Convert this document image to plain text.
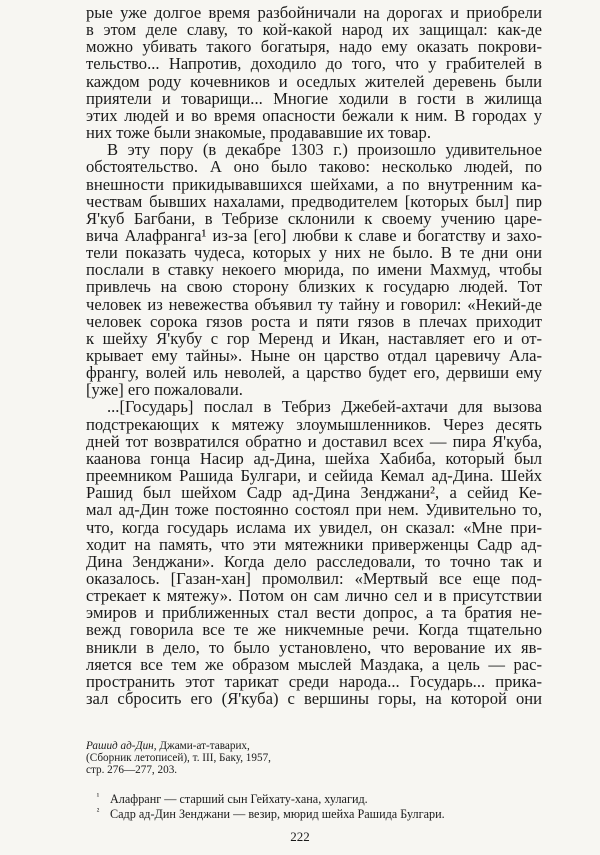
рые уже долгое время разбойничали на дорогах и приобрели
в этом деле славу, то кой-какой народ их защищал: как-де
можно убивать такого богатыря, надо ему оказать покрови-
тельство... Напротив, доходило до того, что у грабителей в
каждом роду кочевников и оседлых жителей деревень были
приятели и товарищи... Многие ходили в гости в жилища
этих людей и во время опасности бежали к ним. В городах у
них тоже были знакомые, продававшие их товар.
В эту пору (в декабре 1303 г.) произошло удивительное
обстоятельство. А оно было таково: несколько людей, по
внешности прикидывавшихся шейхами, а по внутренним ка-
чествам бывших нахалами, предводителем [которых был] пир
Я'куб Багбани, в Тебризе склонили к своему учению царе-
вича Алафранга¹ из-за [его] любви к славе и богатству и захо-
тели показать чудеса, которых у них не было. В те дни они
послали в ставку некоего мюрида, по имени Махмуд, чтобы
привлечь на свою сторону близких к государю людей. Тот
человек из невежества объявил ту тайну и говорил: «Некий-де
человек сорока гязов роста и пяти гязов в плечах приходит
к шейху Я'кубу с гор Меренд и Икан, наставляет его и от-
крывает ему тайны». Ныне он царство отдал царевичу Ала-
франгу, волей иль неволей, а царство будет его, дервиши ему
[уже] его пожаловали.
...[Государь] послал в Тебриз Джебей-ахтачи для вызова
подстрекающих к мятежу злоумышленников. Через десять
дней тот возвратился обратно и доставил всех — пира Я'куба,
каанова гонца Насир ад-Дина, шейха Хабиба, который был
преемником Рашида Булгари, и сейида Кемал ад-Дина. Шейх
Рашид был шейхом Садр ад-Дина Зенджани², а сейид Ке-
мал ад-Дин тоже постоянно состоял при нем. Удивительно то,
что, когда государь ислама их увидел, он сказал: «Мне при-
ходит на память, что эти мятежники приверженцы Садр ад-
Дина Зенджани». Когда дело расследовали, то точно так и
оказалось. [Газан-хан] промолвил: «Мертвый все еще под-
стрекает к мятежу». Потом он сам лично сел и в присутствии
эмиров и приближенных стал вести допрос, а та братия не-
вежд говорила все те же никчемные речи. Когда тщательно
вникли в дело, то было установлено, что верование их яв-
ляется все тем же образом мыслей Маздака, а цель — рас-
пространить этот тарикат среди народа... Государь... прика-
зал сбросить его (Я'куба) с вершины горы, на которой они
Рашид ад-Дин, Джами-ат-таварих,
(Сборник летописей), т. III, Баку, 1957,
стр. 276—277, 203.
¹ Алафранг — старший сын Гейхату-хана, хулагид.
² Садр ад-Дин Зенджани — везир, мюрид шейха Рашида Булгари.
222
